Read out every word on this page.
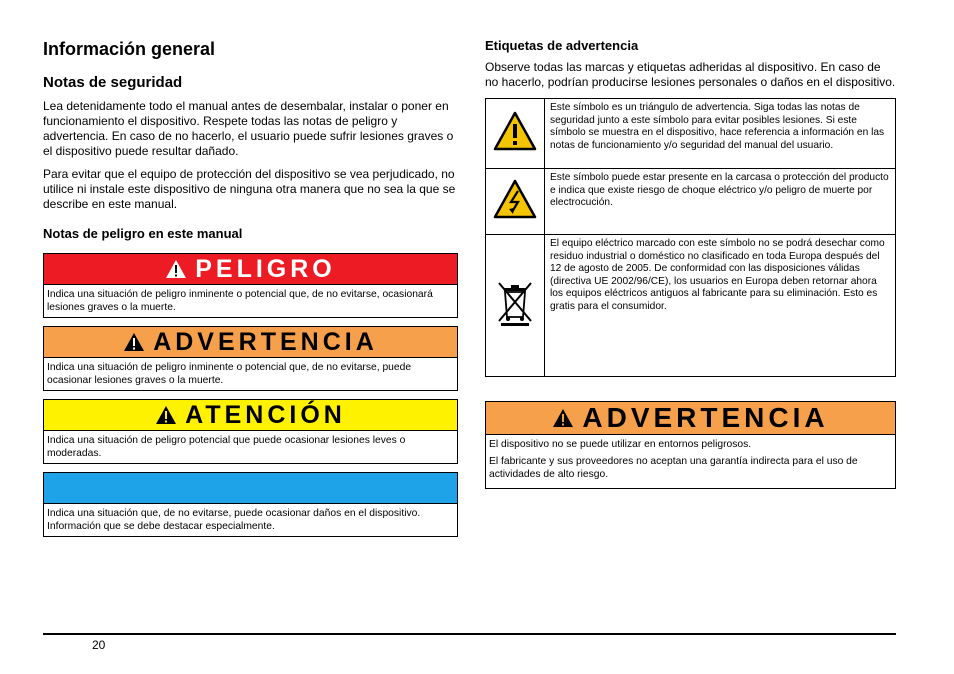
Información general
Notas de seguridad

Lea detenidamente todo el manual antes de desembalar, instalar o poner en funcionamiento el dispositivo. Respete todas las notas de peligro y advertencia. En caso de no hacerlo, el usuario puede sufrir lesiones graves o el dispositivo puede resultar dañado.

Para evitar que el equipo de protección del dispositivo se vea perjudicado, no utilice ni instale este dispositivo de ninguna otra manera que no sea la que se describe en este manual.

Notas de peligro en este manual
PELIGRO
Indica una situación de peligro inminente o potencial que, de no evitarse, ocasionará lesiones graves o la muerte.
ADVERTENCIA
Indica una situación de peligro inminente o potencial que, de no evitarse, puede ocasionar lesiones graves o la muerte.
ATENCIÓN
Indica una situación de peligro potencial que puede ocasionar lesiones leves o moderadas.
Indica una situación que, de no evitarse, puede ocasionar daños en el dispositivo. Información que se debe destacar especialmente.
Etiquetas de advertencia

Observe todas las marcas y etiquetas adheridas al dispositivo. En caso de no hacerlo, podrían producirse lesiones personales o daños en el dispositivo.

	Este símbolo es un triángulo de advertencia. Siga todas las notas de seguridad junto a este símbolo para evitar posibles lesiones. Si este símbolo se muestra en el dispositivo, hace referencia a información en las notas de funcionamiento y/o seguridad del manual del usuario.
	Este símbolo puede estar presente en la carcasa o protección del producto e indica que existe riesgo de choque eléctrico y/o peligro de muerte por electrocución.
	El equipo eléctrico marcado con este símbolo no se podrá desechar como residuo industrial o doméstico no clasificado en toda Europa después del 12 de agosto de 2005. De conformidad con las disposiciones válidas (directiva UE 2002/96/CE), los usuarios en Europa deben retornar ahora los equipos eléctricos antiguos al fabricante para su eliminación. Esto es gratis para el consumidor.
ADVERTENCIA

El dispositivo no se puede utilizar en entornos peligrosos.

El fabricante y sus proveedores no aceptan una garantía indirecta para el uso de actividades de alto riesgo.

20
